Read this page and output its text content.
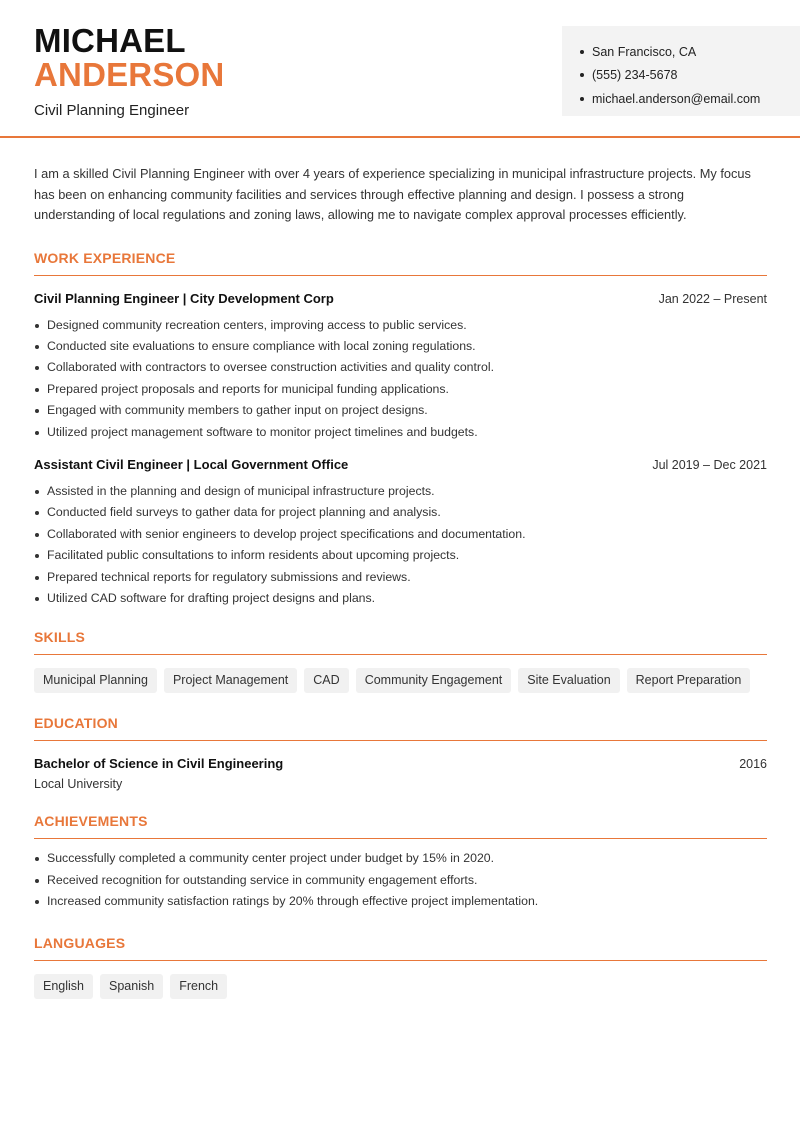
MICHAEL
ANDERSON
Civil Planning Engineer
San Francisco, CA
(555) 234-5678
michael.anderson@email.com

I am a skilled Civil Planning Engineer with over 4 years of experience specializing in municipal infrastructure projects. My focus has been on enhancing community facilities and services through effective planning and design. I possess a strong understanding of local regulations and zoning laws, allowing me to navigate complex approval processes efficiently.

WORK EXPERIENCE
Civil Planning Engineer | City Development Corp	Jan 2022 – Present
Designed community recreation centers, improving access to public services.
Conducted site evaluations to ensure compliance with local zoning regulations.
Collaborated with contractors to oversee construction activities and quality control.
Prepared project proposals and reports for municipal funding applications.
Engaged with community members to gather input on project designs.
Utilized project management software to monitor project timelines and budgets.
Assistant Civil Engineer | Local Government Office	Jul 2019 – Dec 2021
Assisted in the planning and design of municipal infrastructure projects.
Conducted field surveys to gather data for project planning and analysis.
Collaborated with senior engineers to develop project specifications and documentation.
Facilitated public consultations to inform residents about upcoming projects.
Prepared technical reports for regulatory submissions and reviews.
Utilized CAD software for drafting project designs and plans.
SKILLS
Municipal Planning	Project Management	CAD	Community Engagement	Site Evaluation	Report Preparation
EDUCATION
Bachelor of Science in Civil Engineering	2016
Local University
ACHIEVEMENTS
Successfully completed a community center project under budget by 15% in 2020.
Received recognition for outstanding service in community engagement efforts.
Increased community satisfaction ratings by 20% through effective project implementation.
LANGUAGES
English	Spanish	French
